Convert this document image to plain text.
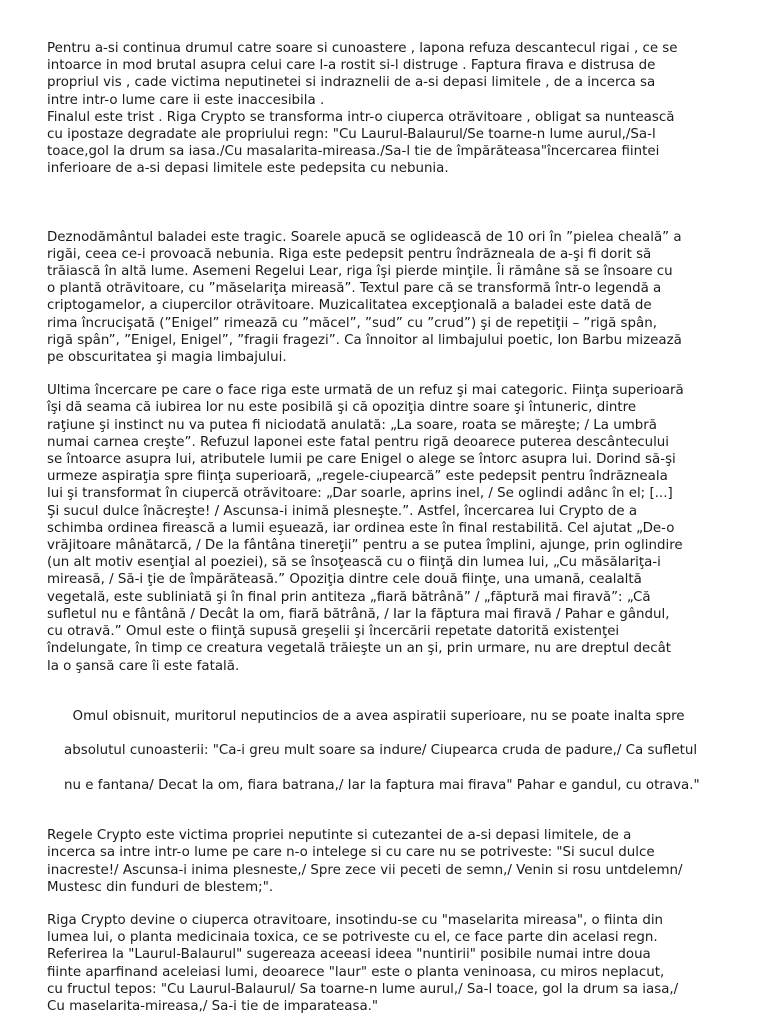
Pentru a-si continua drumul catre soare si cunoastere , lapona refuza descantecul rigai , ce se
intoarce in mod brutal asupra celui care l-a rostit si-l distruge . Faptura firava e distrusa de
propriul vis , cade victima neputinetei si indraznelii de a-si depasi limitele , de a incerca sa
intre intr-o lume care ii este inaccesibila .
Finalul este trist . Riga Crypto se transforma intr-o ciuperca otrăvitoare , obligat sa nuntească
cu ipostaze degradate ale propriului regn: "Cu Laurul-Balaurul/Se toarne-n lume aurul,/Sa-l
toace,gol la drum sa iasa./Cu masalarita-mireasa./Sa-l tie de împărăteasa"încercarea fiintei
inferioare de a-si depasi limitele este pedepsita cu nebunia.

Deznodământul baladei este tragic. Soarele apucă se oglidească de 10 ori în ”pielea cheală” a
rigăi, ceea ce-i provoacă nebunia. Riga este pedepsit pentru îndrăzneala de a-şi fi dorit să
trăiască în altă lume. Asemeni Regelui Lear, riga îşi pierde minţile. Îi rămâne să se însoare cu
o plantă otrăvitoare, cu ”măselariţa mireasă”. Textul pare că se transformă într-o legendă a
criptogamelor, a ciupercilor otrăvitoare. Muzicalitatea excepţională a baladei este dată de
rima încrucişată (”Enigel” rimează cu ”măcel”, ”sud” cu ”crud”) şi de repetiţii – ”rigă spân,
rigă spân”, ”Enigel, Enigel”, ”fragii fragezi”. Ca înnoitor al limbajului poetic, Ion Barbu mizează
pe obscuritatea şi magia limbajului.

Ultima încercare pe care o face riga este urmată de un refuz şi mai categoric. Fiinţa superioară
îşi dă seama că iubirea lor nu este posibilă şi că opoziţia dintre soare şi întuneric, dintre
raţiune şi instinct nu va putea fi niciodată anulată: „La soare, roata se măreşte; / La umbră
numai carnea creşte”. Refuzul laponei este fatal pentru rigă deoarece puterea descântecului
se întoarce asupra lui, atributele lumii pe care Enigel o alege se întorc asupra lui. Dorind să-şi
urmeze aspiraţia spre fiinţa superioară, „regele-ciupearcă” este pedepsit pentru îndrăzneala
lui şi transformat în ciupercă otrăvitoare: „Dar soarle, aprins inel, / Se oglindi adânc în el; [...]
Şi sucul dulce înăcreşte! / Ascunsa-i inimă plesneşte.”. Astfel, încercarea lui Crypto de a
schimba ordinea firească a lumii eşuează, iar ordinea este în final restabilită. Cel ajutat „De-o
vrăjitoare mânătarcă, / De la fântâna tinereţii” pentru a se putea împlini, ajunge, prin oglindire
(un alt motiv esenţial al poeziei), să se însoţească cu o fiinţă din lumea lui, „Cu măsălariţa-i
mireasă, / Să-i ţie de împărăteasă.” Opoziţia dintre cele două fiinţe, una umană, cealaltă
vegetală, este subliniată şi în final prin antiteza „fiară bătrână” / „făptură mai firavă”: „Că
sufletul nu e fântână / Decât la om, fiară bătrână, / Iar la făptura mai firavă / Pahar e gândul,
cu otravă.” Omul este o fiinţă supusă greşelii şi încercării repetate datorită existenţei
îndelungate, în timp ce creatura vegetală trăieşte un an şi, prin urmare, nu are dreptul decât
la o şansă care îi este fatală.

Omul obisnuit, muritorul neputincios de a avea aspiratii superioare, nu se poate inalta spre

absolutul cunoasterii: "Ca-i greu mult soare sa indure/ Ciupearca cruda de padure,/ Ca sufletul

nu e fantana/ Decat la om, fiara batrana,/ Iar la faptura mai firava" Pahar e gandul, cu otrava."

Regele Crypto este victima propriei neputinte si cutezantei de a-si depasi limitele, de a
incerca sa intre intr-o lume pe care n-o intelege si cu care nu se potriveste: "Si sucul dulce
inacreste!/ Ascunsa-i inima plesneste,/ Spre zece vii peceti de semn,/ Venin si rosu untdelemn/
Mustesc din funduri de blestem;".

Riga Crypto devine o ciuperca otravitoare, insotindu-se cu "maselarita mireasa", o fiinta din
lumea lui, o planta medicinaia toxica, ce se potriveste cu el, ce face parte din acelasi regn.
Referirea la "Laurul-Balaurul" sugereaza aceeasi ideea "nuntirii" posibile numai intre doua
fiinte aparfinand aceleiasi lumi, deoarece "laur" este o planta veninoasa, cu miros neplacut,
cu fructul tepos: "Cu Laurul-Balaurul/ Sa toarne-n lume aurul,/ Sa-l toace, gol la drum sa iasa,/
Cu maselarita-mireasa,/ Sa-i tie de imparateasa."
